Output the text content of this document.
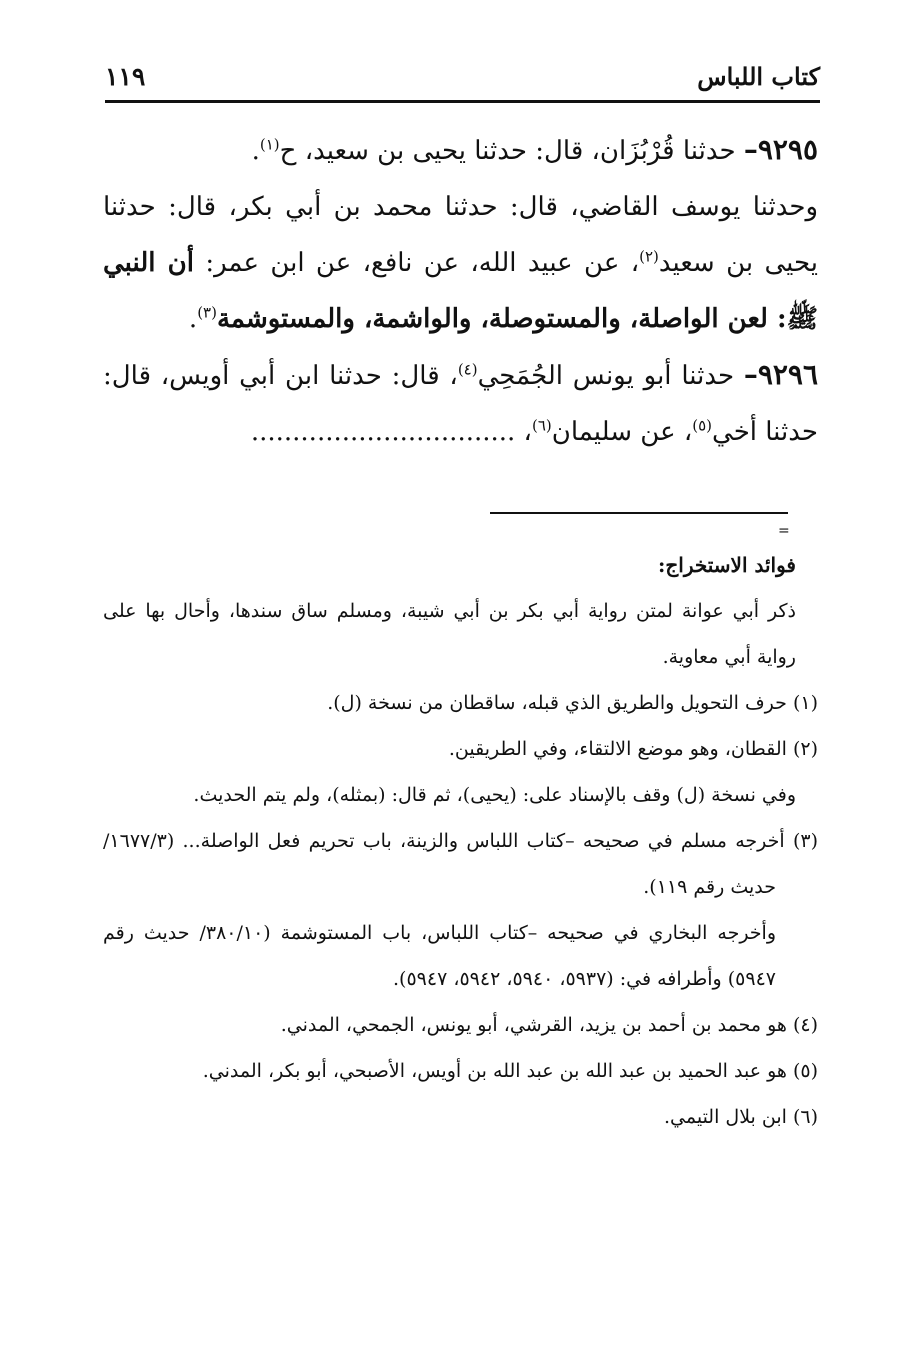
كتاب اللباس
١١٩

٩٢٩٥– حدثنا قُرْبُزَان، قال: حدثنا يحيى بن سعيد، ح$^{(١)}$.

وحدثنا يوسف القاضي، قال: حدثنا محمد بن أبي بكر، قال: حدثنا يحيى بن سعيد$^{(٢)}$، عن عبيد الله، عن نافع، عن ابن عمر: أن النبي ﷺ: لعن الواصلة، والمستوصلة، والواشمة، والمستوشمة$^{(٣)}$.

٩٢٩٦– حدثنا أبو يونس الجُمَحِي$^{(٤)}$، قال: حدثنا ابن أبي أويس، قال: حدثنا أخي$^{(٥)}$، عن سليمان$^{(٦)}$، ................................

=

فوائد الاستخراج:

ذكر أبي عوانة لمتن رواية أبي بكر بن أبي شيبة، ومسلم ساق سندها، وأحال بها على رواية أبي معاوية.

(١) حرف التحويل والطريق الذي قبله، ساقطان من نسخة (ل).

(٢) القطان، وهو موضع الالتقاء، وفي الطريقين.

وفي نسخة (ل) وقف بالإسناد على: (يحيى)، ثم قال: (بمثله)، ولم يتم الحديث.

(٣) أخرجه مسلم في صحيحه –كتاب اللباس والزينة، باب تحريم فعل الواصلة... (١٦٧٧/٣/ حديث رقم ١١٩).

وأخرجه البخاري في صحيحه –كتاب اللباس، باب المستوشمة (٣٨٠/١٠/ حديث رقم ٥٩٤٧) وأطرافه في: (٥٩٣٧، ٥٩٤٠، ٥٩٤٢، ٥٩٤٧).

(٤) هو محمد بن أحمد بن يزيد، القرشي، أبو يونس، الجمحي، المدني.

(٥) هو عبد الحميد بن عبد الله بن عبد الله بن أويس، الأصبحي، أبو بكر، المدني.

(٦) ابن بلال التيمي.
